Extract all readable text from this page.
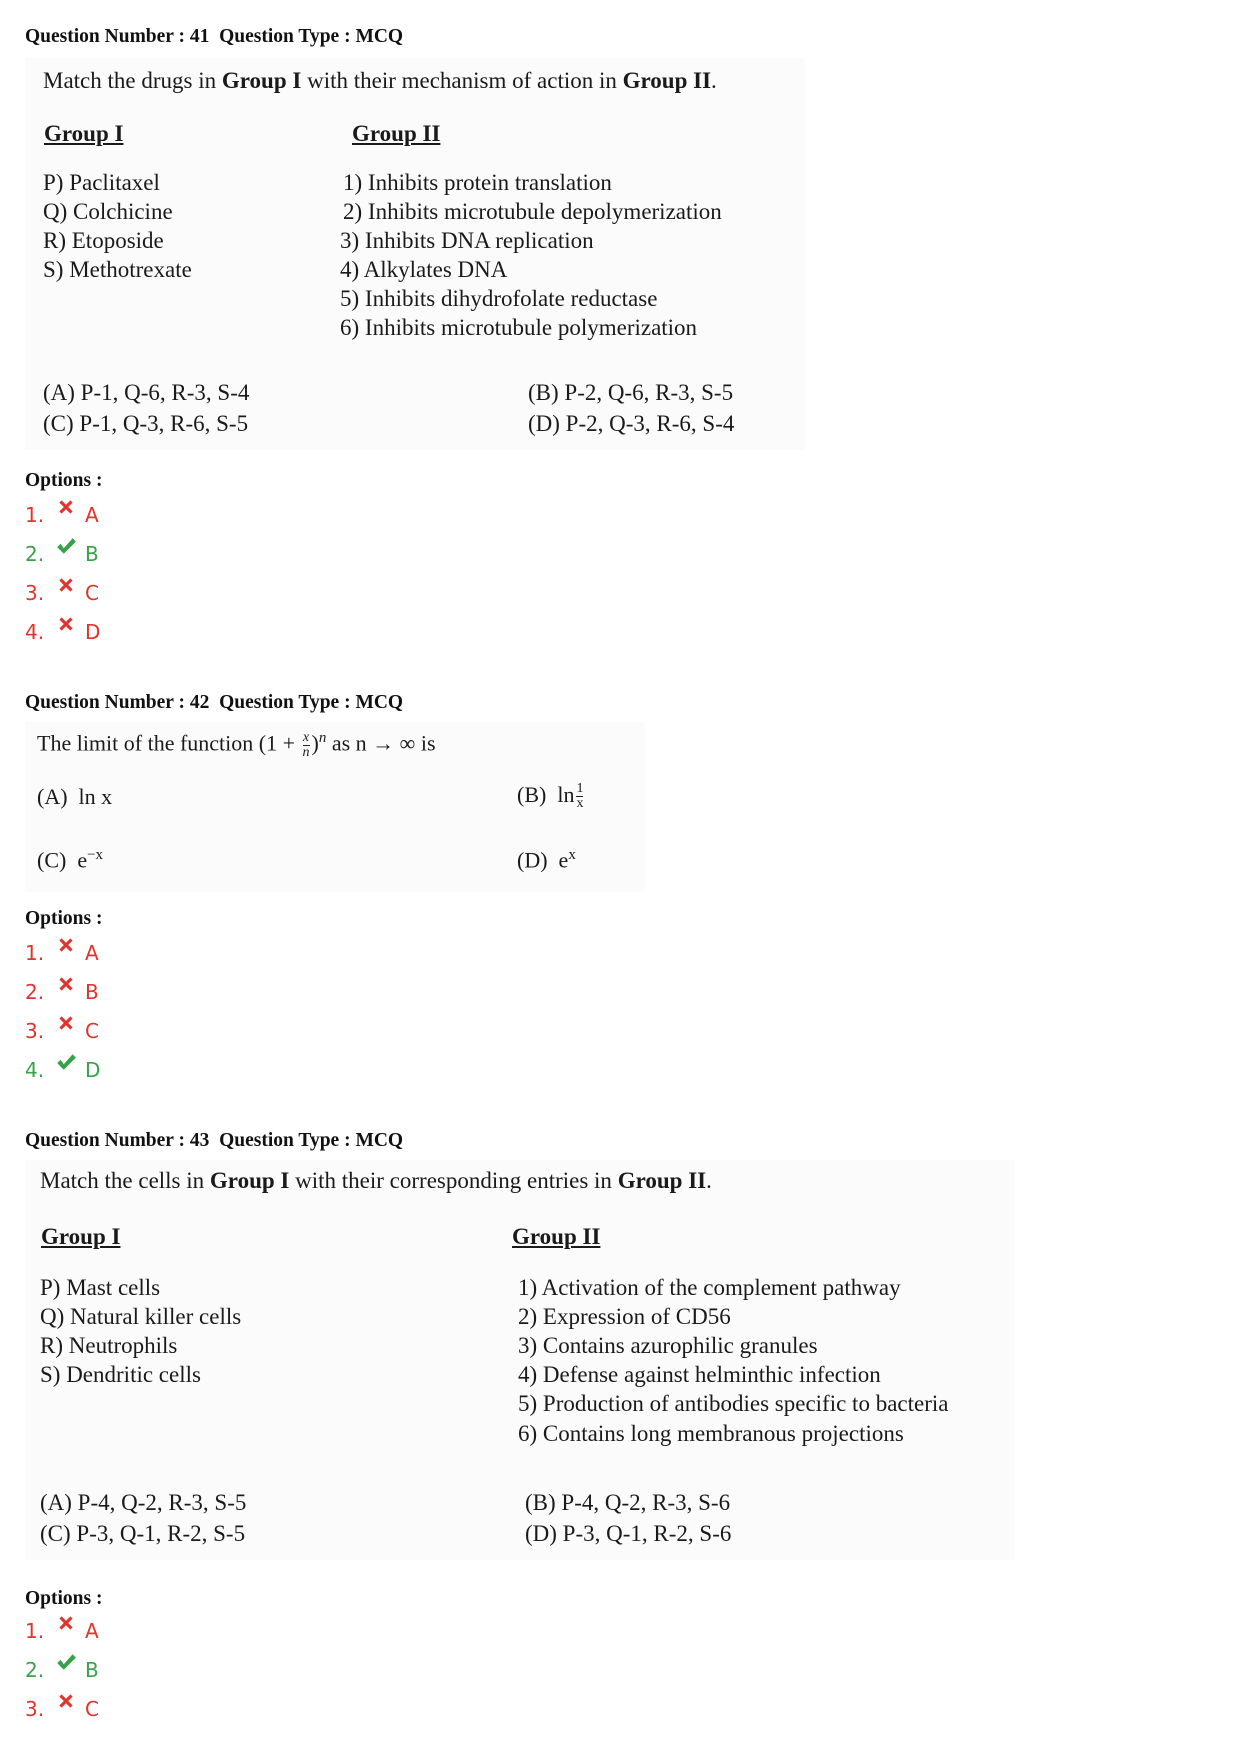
Question Number : 41  Question Type : MCQ
Match the drugs in Group I with their mechanism of action in Group II.
Group I	Group II
P) Paclitaxel
Q) Colchicine
R) Etoposide
S) Methotrexate
1) Inhibits protein translation
2) Inhibits microtubule depolymerization
3) Inhibits DNA replication
4) Alkylates DNA
5) Inhibits dihydrofolate reductase
6) Inhibits microtubule polymerization
(A) P-1, Q-6, R-3, S-4	(B) P-2, Q-6, R-3, S-5
(C) P-1, Q-3, R-6, S-5	(D) P-2, Q-3, R-6, S-4
Options :
1.	A
2.	B
3.	C
4.	D
Question Number : 42  Question Type : MCQ
The limit of the function $(1 + \frac{x}{n} )^n$ as n → ∞ is
(A) ln x	(B) $\ln \frac{1}{x}$
(C) $e^{-x}$	(D) $e^x$
Options :
1.	A
2.	B
3.	C
4.	D
Question Number : 43  Question Type : MCQ
Match the cells in Group I with their corresponding entries in Group II.
Group I	Group II
P) Mast cells
Q) Natural killer cells
R) Neutrophils
S) Dendritic cells
1) Activation of the complement pathway
2) Expression of CD56
3) Contains azurophilic granules
4) Defense against helminthic infection
5) Production of antibodies specific to bacteria
6) Contains long membranous projections
(A) P-4, Q-2, R-3, S-5	(B) P-4, Q-2, R-3, S-6
(C) P-3, Q-1, R-2, S-5	(D) P-3, Q-1, R-2, S-6
Options :
1.	A
2.	B
3.	C
